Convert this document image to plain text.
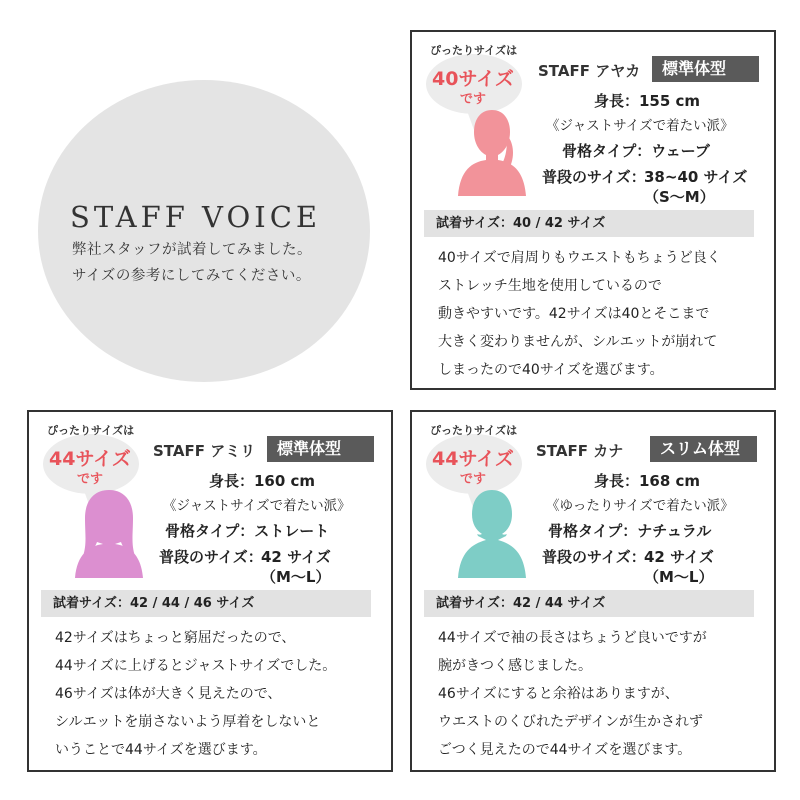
STAFF VOICE
弊社スタッフが試着してみました。
サイズの参考にしてみてください。
ぴったりサイズは
40サイズ
です
STAFF アヤカ	標準体型
身長：155 cm
《ジャストサイズで着たい派》
骨格タイプ：ウェーブ
普段のサイズ：
38~40 サイズ
（S〜M）
試着サイズ：40 / 42 サイズ
40サイズで肩周りもウエストもちょうど良く
ストレッチ生地を使用しているので
動きやすいです。42サイズは40とそこまで
大きく変わりませんが、シルエットが崩れて
しまったので40サイズを選びます。
ぴったりサイズは
44サイズ
です
STAFF アミリ	標準体型
身長：160 cm
《ジャストサイズで着たい派》
骨格タイプ：ストレート
普段のサイズ：
42 サイズ
（M〜L）
試着サイズ：42 / 44 / 46 サイズ
42サイズはちょっと窮屈だったので、
44サイズに上げるとジャストサイズでした。
46サイズは体が大きく見えたので、
シルエットを崩さないよう厚着をしないと
いうことで44サイズを選びます。
ぴったりサイズは
44サイズ
です
STAFF カナ	スリム体型
身長：168 cm
《ゆったりサイズで着たい派》
骨格タイプ：ナチュラル
普段のサイズ：
42 サイズ
（M〜L）
試着サイズ：42 / 44 サイズ
44サイズで袖の長さはちょうど良いですが
腕がきつく感じました。
46サイズにすると余裕はありますが、
ウエストのくびれたデザインが生かされず
ごつく見えたので44サイズを選びます。
